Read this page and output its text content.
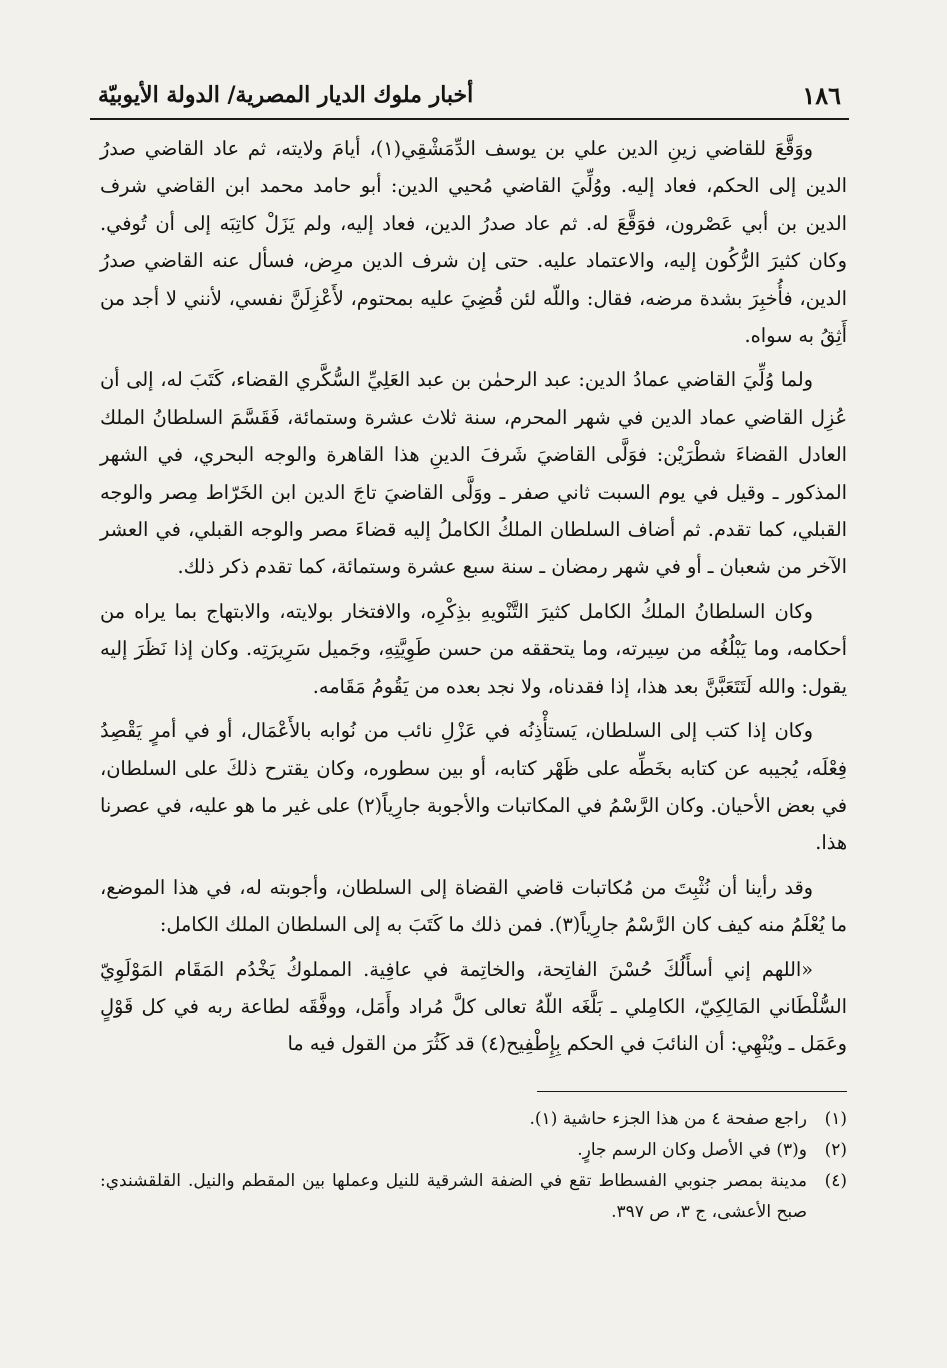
١٨٦
أخبار ملوك الديار المصرية/ الدولة الأيوبيّة

ووَقَّعَ للقاضي زينِ الدين علي بن يوسف الدِّمَشْقِي(١)، أيامَ ولايته، ثم عاد القاضي صدرُ الدين إلى الحكم، فعاد إليه. ووُلِّيَ القاضي مُحيي الدين: أبو حامد محمد ابن القاضي شرف الدين بن أبي عَصْرون، فوَقَّعَ له. ثم عاد صدرُ الدين، فعاد إليه، ولم يَزَلْ كاتِبَه إلى أن تُوفي. وكان كثيرَ الرُّكُون إليه، والاعتماد عليه. حتى إن شرف الدين مرِض، فسأل عنه القاضي صدرُ الدين، فأُخبِرَ بشدة مرضه، فقال: واللّه لئن قُضِيَ عليه بمحتوم، لأَعْزِلَنَّ نفسي، لأنني لا أجد من أَثِقُ به سواه.

ولما وُلِّيَ القاضي عمادُ الدين: عبد الرحمٰن بن عبد العَلِيِّ السُّكَّري القضاء، كَتَبَ له، إلى أن عُزِل القاضي عماد الدين في شهر المحرم، سنة ثلاث عشرة وستمائة، فَقَسَّمَ السلطانُ الملك العادل القضاءَ شطْرَيْن: فوَلَّى القاضيَ شَرفَ الدينِ هذا القاهرة والوجه البحري، في الشهر المذكور ـ وقيل في يوم السبت ثاني صفر ـ ووَلَّى القاضيَ تاجَ الدين ابن الخَرّاط مِصر والوجه القبلي، كما تقدم. ثم أضاف السلطان الملكُ الكاملُ إليه قضاءَ مصر والوجه القبلي، في العشر الآخر من شعبان ـ أو في شهر رمضان ـ سنة سبع عشرة وستمائة، كما تقدم ذكر ذلك.

وكان السلطانُ الملكُ الكامل كثيرَ التَّنْويهِ بذِكْرِه، والافتخار بولايته، والابتهاج بما يراه من أحكامه، وما يَبْلُغُه من سِيرته، وما يتحققه من حسن طَوِيَّتِهِ، وجَميل سَرِيرَتِه. وكان إذا نَظَرَ إليه يقول: والله لَتَتَعَبَّنَّ بعد هذا، إذا فقدناه، ولا نجد بعده من يَقُومُ مَقَامه.

وكان إذا كتب إلى السلطان، يَستأْذِنُه في عَزْلِ نائب من نُوابه بالأَعْمَال، أو في أمرٍ يَقْصِدُ فِعْلَه، يُجيبه عن كتابه بخَطِّه على ظَهْر كتابه، أو بين سطوره، وكان يقترح ذلكَ على السلطان، في بعض الأحيان. وكان الرَّسْمُ في المكاتبات والأجوبة جارِياً(٢) على غير ما هو عليه، في عصرنا هذا.

وقد رأينا أن نُثْبِتَ من مُكاتبات قاضي القضاة إلى السلطان، وأجوبته له، في هذا الموضع، ما يُعْلَمُ منه كيف كان الرَّسْمُ جارِياً(٣). فمن ذلك ما كَتَبَ به إلى السلطان الملك الكامل:

«اللهم إني أسأَلُكَ حُسْنَ الفاتِحة، والخاتِمة في عافِية. المملوكُ يَخْدُم المَقَام المَوْلَوِيّ السُّلْطَاني المَالِكِيّ، الكامِلي ـ بَلَّغَه اللّهُ تعالى كلَّ مُراد وأَمَل، ووفَّقَه لطاعة ربه في كل قَوْلٍ وعَمَل ـ ويُنْهِي: أن النائبَ في الحكم بِإِطْفِيح(٤) قد كَثُرَ من القول فيه ما

(١)
راجع صفحة ٤ من هذا الجزء حاشية (١).

(٢)
و(٣) في الأصل وكان الرسم جارٍ.

(٤)
مدينة بمصر جنوبي الفسطاط تقع في الضفة الشرقية للنيل وعملها بين المقطم والنيل. القلقشندي: صبح الأعشى، ج ٣، ص ٣٩٧.
